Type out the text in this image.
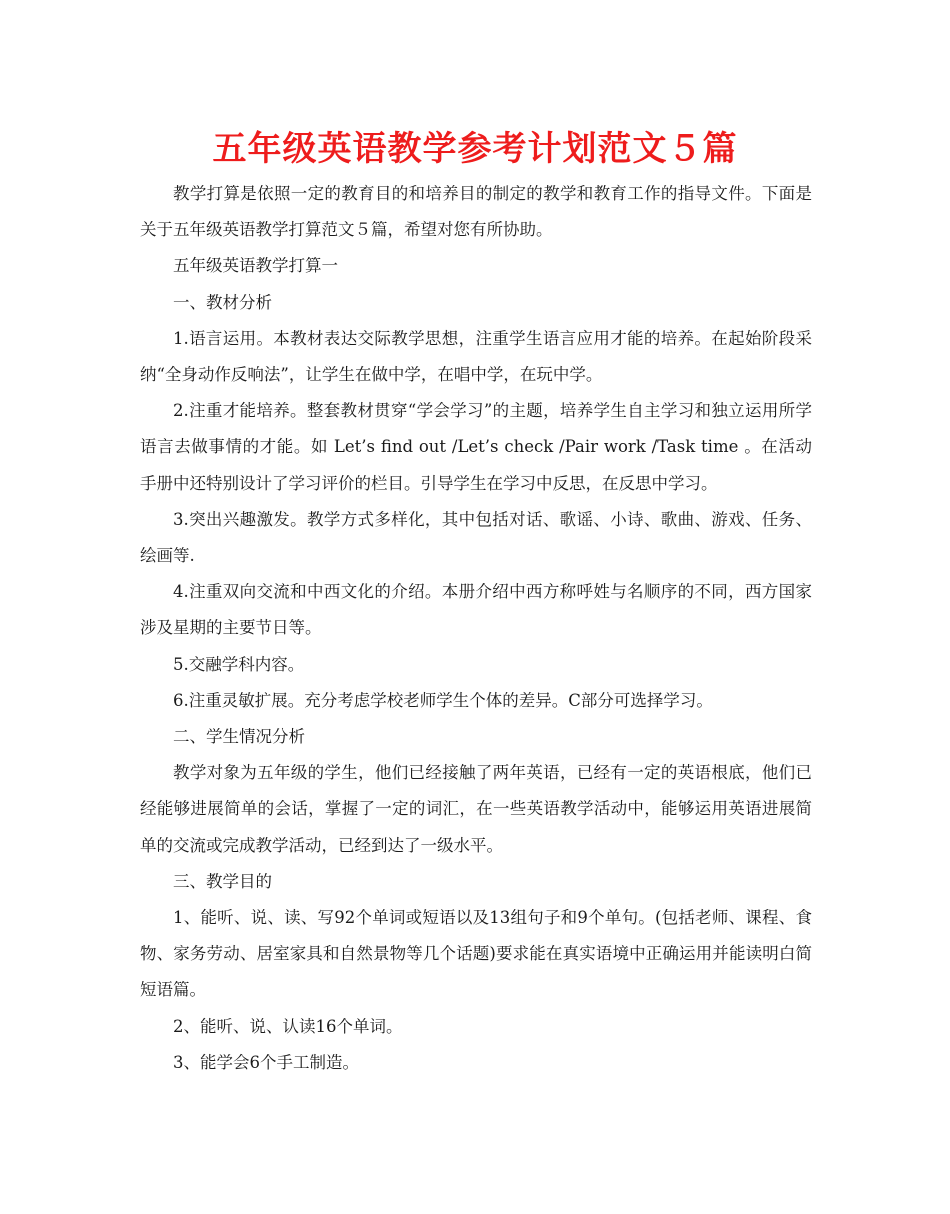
五年级英语教学参考计划范文５篇

教学打算是依照一定的教育目的和培养目的制定的教学和教育工作的指导文件。下面是关于五年级英语教学打算范文５篇，希望对您有所协助。

五年级英语教学打算一

一、教材分析

1.语言运用。本教材表达交际教学思想，注重学生语言应用才能的培养。在起始阶段采纳“全身动作反响法”，让学生在做中学，在唱中学，在玩中学。

2.注重才能培养。整套教材贯穿“学会学习”的主题，培养学生自主学习和独立运用所学语言去做事情的才能。如 Let’s find out /Let’s check /Pair work /Task time 。在活动手册中还特别设计了学习评价的栏目。引导学生在学习中反思，在反思中学习。

3.突出兴趣激发。教学方式多样化，其中包括对话、歌谣、小诗、歌曲、游戏、任务、绘画等.

4.注重双向交流和中西文化的介绍。本册介绍中西方称呼姓与名顺序的不同，西方国家涉及星期的主要节日等。

5.交融学科内容。

6.注重灵敏扩展。充分考虑学校老师学生个体的差异。C部分可选择学习。

二、学生情况分析

教学对象为五年级的学生，他们已经接触了两年英语，已经有一定的英语根底，他们已经能够进展简单的会话，掌握了一定的词汇，在一些英语教学活动中，能够运用英语进展简单的交流或完成教学活动，已经到达了一级水平。

三、教学目的

1、能听、说、读、写92个单词或短语以及13组句子和9个单句。(包括老师、课程、食物、家务劳动、居室家具和自然景物等几个话题)要求能在真实语境中正确运用并能读明白简短语篇。

2、能听、说、认读16个单词。

3、能学会6个手工制造。
